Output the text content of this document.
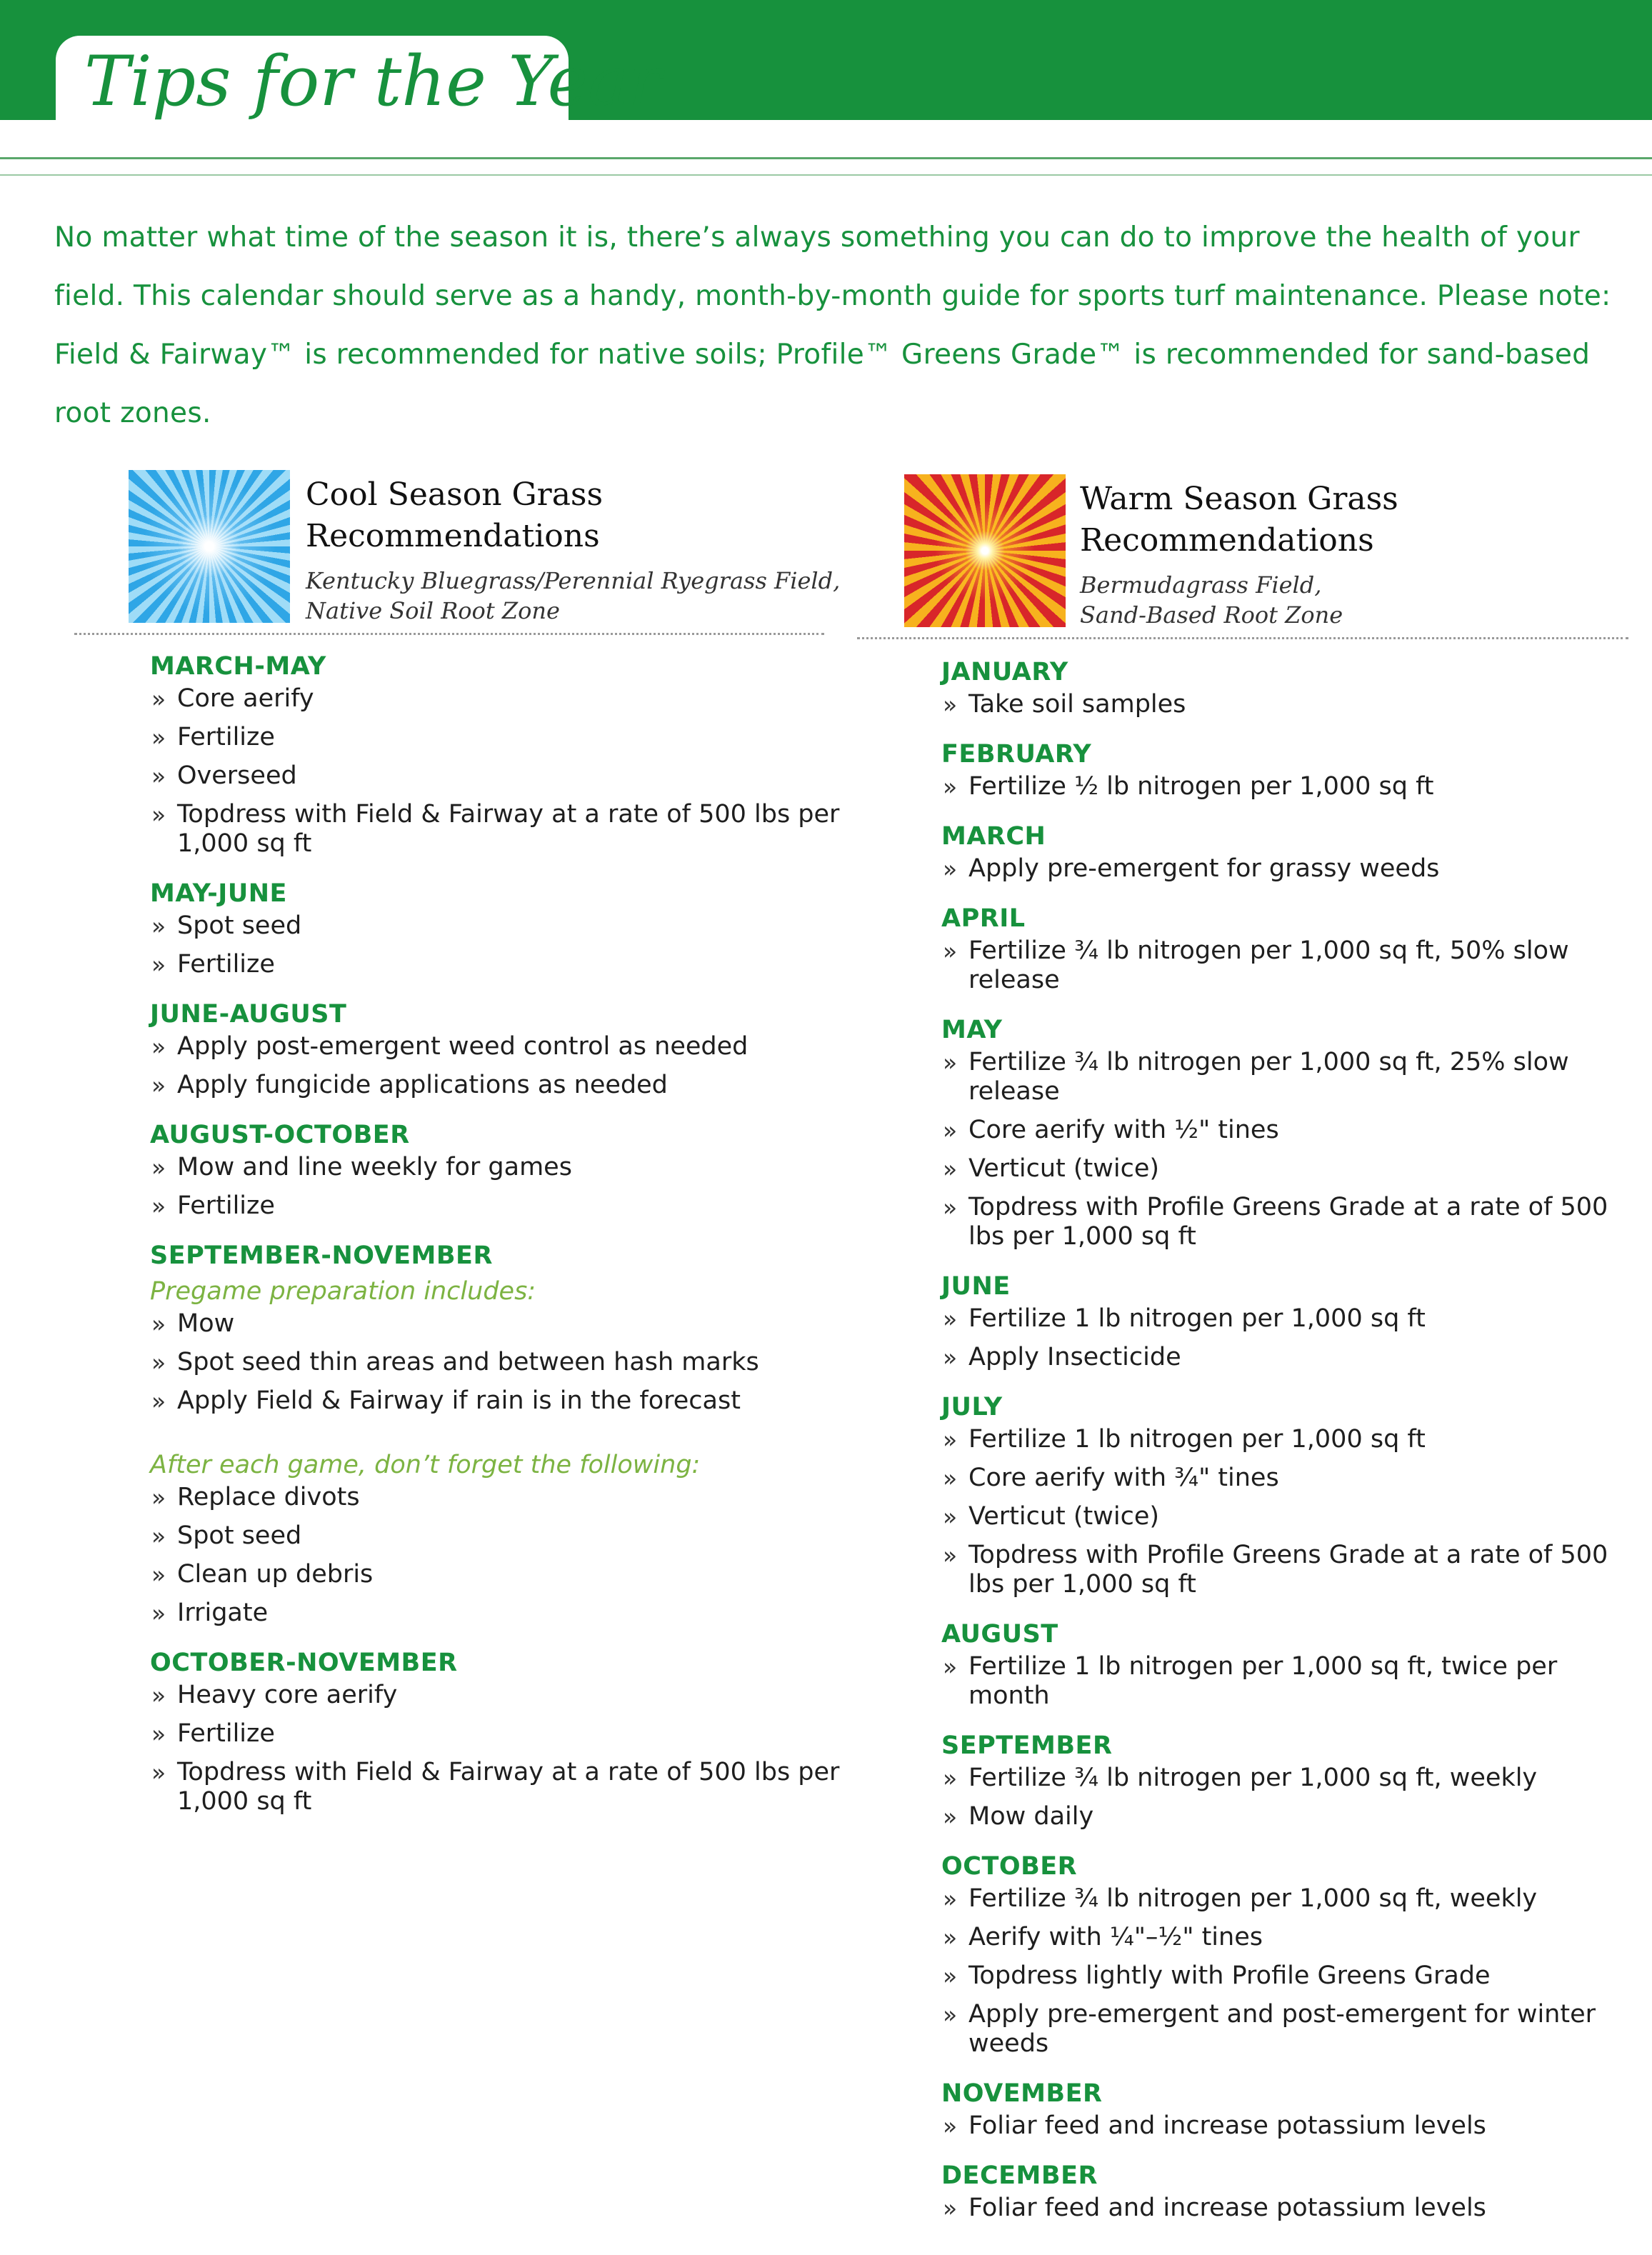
Tips for the Year

No matter what time of the season it is, there’s always something you can do to improve the health of your field. This calendar should serve as a handy, month-by-month guide for sports turf maintenance. Please note: Field & Fairway™ is recommended for native soils; Profile™ Greens Grade™ is recommended for sand-based root zones.

Cool Season Grass
Recommendations

Kentucky Bluegrass/Perennial Ryegrass Field,
Native Soil Root Zone

MARCH-MAY
» Core aerify
» Fertilize
» Overseed
» Topdress with Field & Fairway at a rate of 500 lbs per 1,000 sq ft
MAY-JUNE
» Spot seed
» Fertilize
JUNE-AUGUST
» Apply post-emergent weed control as needed
» Apply fungicide applications as needed
AUGUST-OCTOBER
» Mow and line weekly for games
» Fertilize
SEPTEMBER-NOVEMBER

Pregame preparation includes:

» Mow
» Spot seed thin areas and between hash marks
» Apply Field & Fairway if rain is in the forecast

After each game, don’t forget the following:

» Replace divots
» Spot seed
» Clean up debris
» Irrigate
OCTOBER-NOVEMBER
» Heavy core aerify
» Fertilize
» Topdress with Field & Fairway at a rate of 500 lbs per 1,000 sq ft
Warm Season Grass
Recommendations

Bermudagrass Field,
Sand-Based Root Zone

JANUARY
» Take soil samples
FEBRUARY
» Fertilize ½ lb nitrogen per 1,000 sq ft
MARCH
» Apply pre-emergent for grassy weeds
APRIL
» Fertilize ¾ lb nitrogen per 1,000 sq ft, 50% slow release
MAY
» Fertilize ¾ lb nitrogen per 1,000 sq ft, 25% slow release
» Core aerify with ½" tines
» Verticut (twice)
» Topdress with Profile Greens Grade at a rate of 500 lbs per 1,000 sq ft
JUNE
» Fertilize 1 lb nitrogen per 1,000 sq ft
» Apply Insecticide
JULY
» Fertilize 1 lb nitrogen per 1,000 sq ft
» Core aerify with ¾" tines
» Verticut (twice)
» Topdress with Profile Greens Grade at a rate of 500 lbs per 1,000 sq ft
AUGUST
» Fertilize 1 lb nitrogen per 1,000 sq ft, twice per month
SEPTEMBER
» Fertilize ¾ lb nitrogen per 1,000 sq ft, weekly
» Mow daily
OCTOBER
» Fertilize ¾ lb nitrogen per 1,000 sq ft, weekly
» Aerify with ¼"–½" tines
» Topdress lightly with Profile Greens Grade
» Apply pre-emergent and post-emergent for winter weeds
NOVEMBER
» Foliar feed and increase potassium levels
DECEMBER
» Foliar feed and increase potassium levels
